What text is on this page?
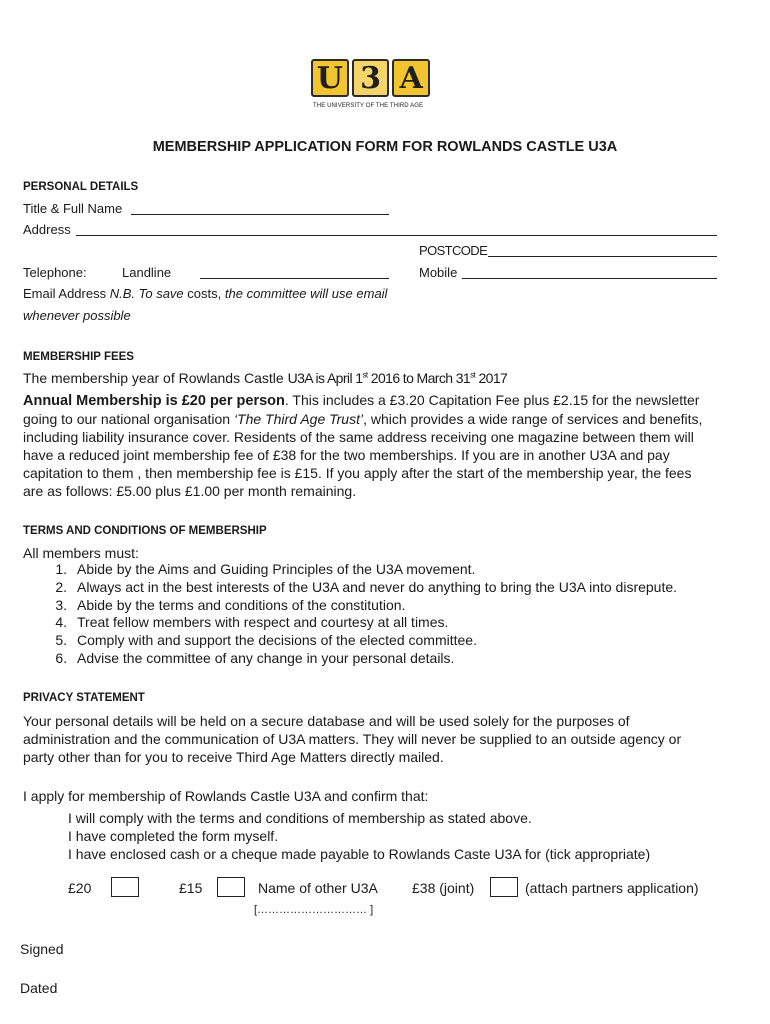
U 3 A
THE UNIVERSITY OF THE THIRD AGE
MEMBERSHIP APPLICATION FORM FOR ROWLANDS CASTLE U3A
PERSONAL DETAILS
Title & Full Name
Address
POSTCODE
Telephone:	Landline	Mobile
Email Address N.B. To save costs, the committee will use email
whenever possible
MEMBERSHIP FEES
The membership year of Rowlands Castle U3A is April 1st 2016 to March 31st 2017
Annual Membership is £20 per person. This includes a £3.20 Capitation Fee plus £2.15 for the newsletter
going to our national organisation ‘The Third Age Trust’, which provides a wide range of services and benefits,
including liability insurance cover. Residents of the same address receiving one magazine between them will
have a reduced joint membership fee of £38 for the two memberships. If you are in another U3A and pay
capitation to them , then membership fee is £15. If you apply after the start of the membership year, the fees
are as follows: £5.00 plus £1.00 per month remaining.
TERMS AND CONDITIONS OF MEMBERSHIP
All members must:
1. Abide by the Aims and Guiding Principles of the U3A movement.
2. Always act in the best interests of the U3A and never do anything to bring the U3A into disrepute.
3. Abide by the terms and conditions of the constitution.
4. Treat fellow members with respect and courtesy at all times.
5. Comply with and support the decisions of the elected committee.
6. Advise the committee of any change in your personal details.
PRIVACY STATEMENT
Your personal details will be held on a secure database and will be used solely for the purposes of
administration and the communication of U3A matters. They will never be supplied to an outside agency or
party other than for you to receive Third Age Matters directly mailed.
I apply for membership of Rowlands Castle U3A and confirm that:
I will comply with the terms and conditions of membership as stated above.
I have completed the form myself.
I have enclosed cash or a cheque made payable to Rowlands Caste U3A for (tick appropriate)
£20	£15	Name of other U3A £38 (joint)	(attach partners application)
[………………………… ]
Signed
Dated
